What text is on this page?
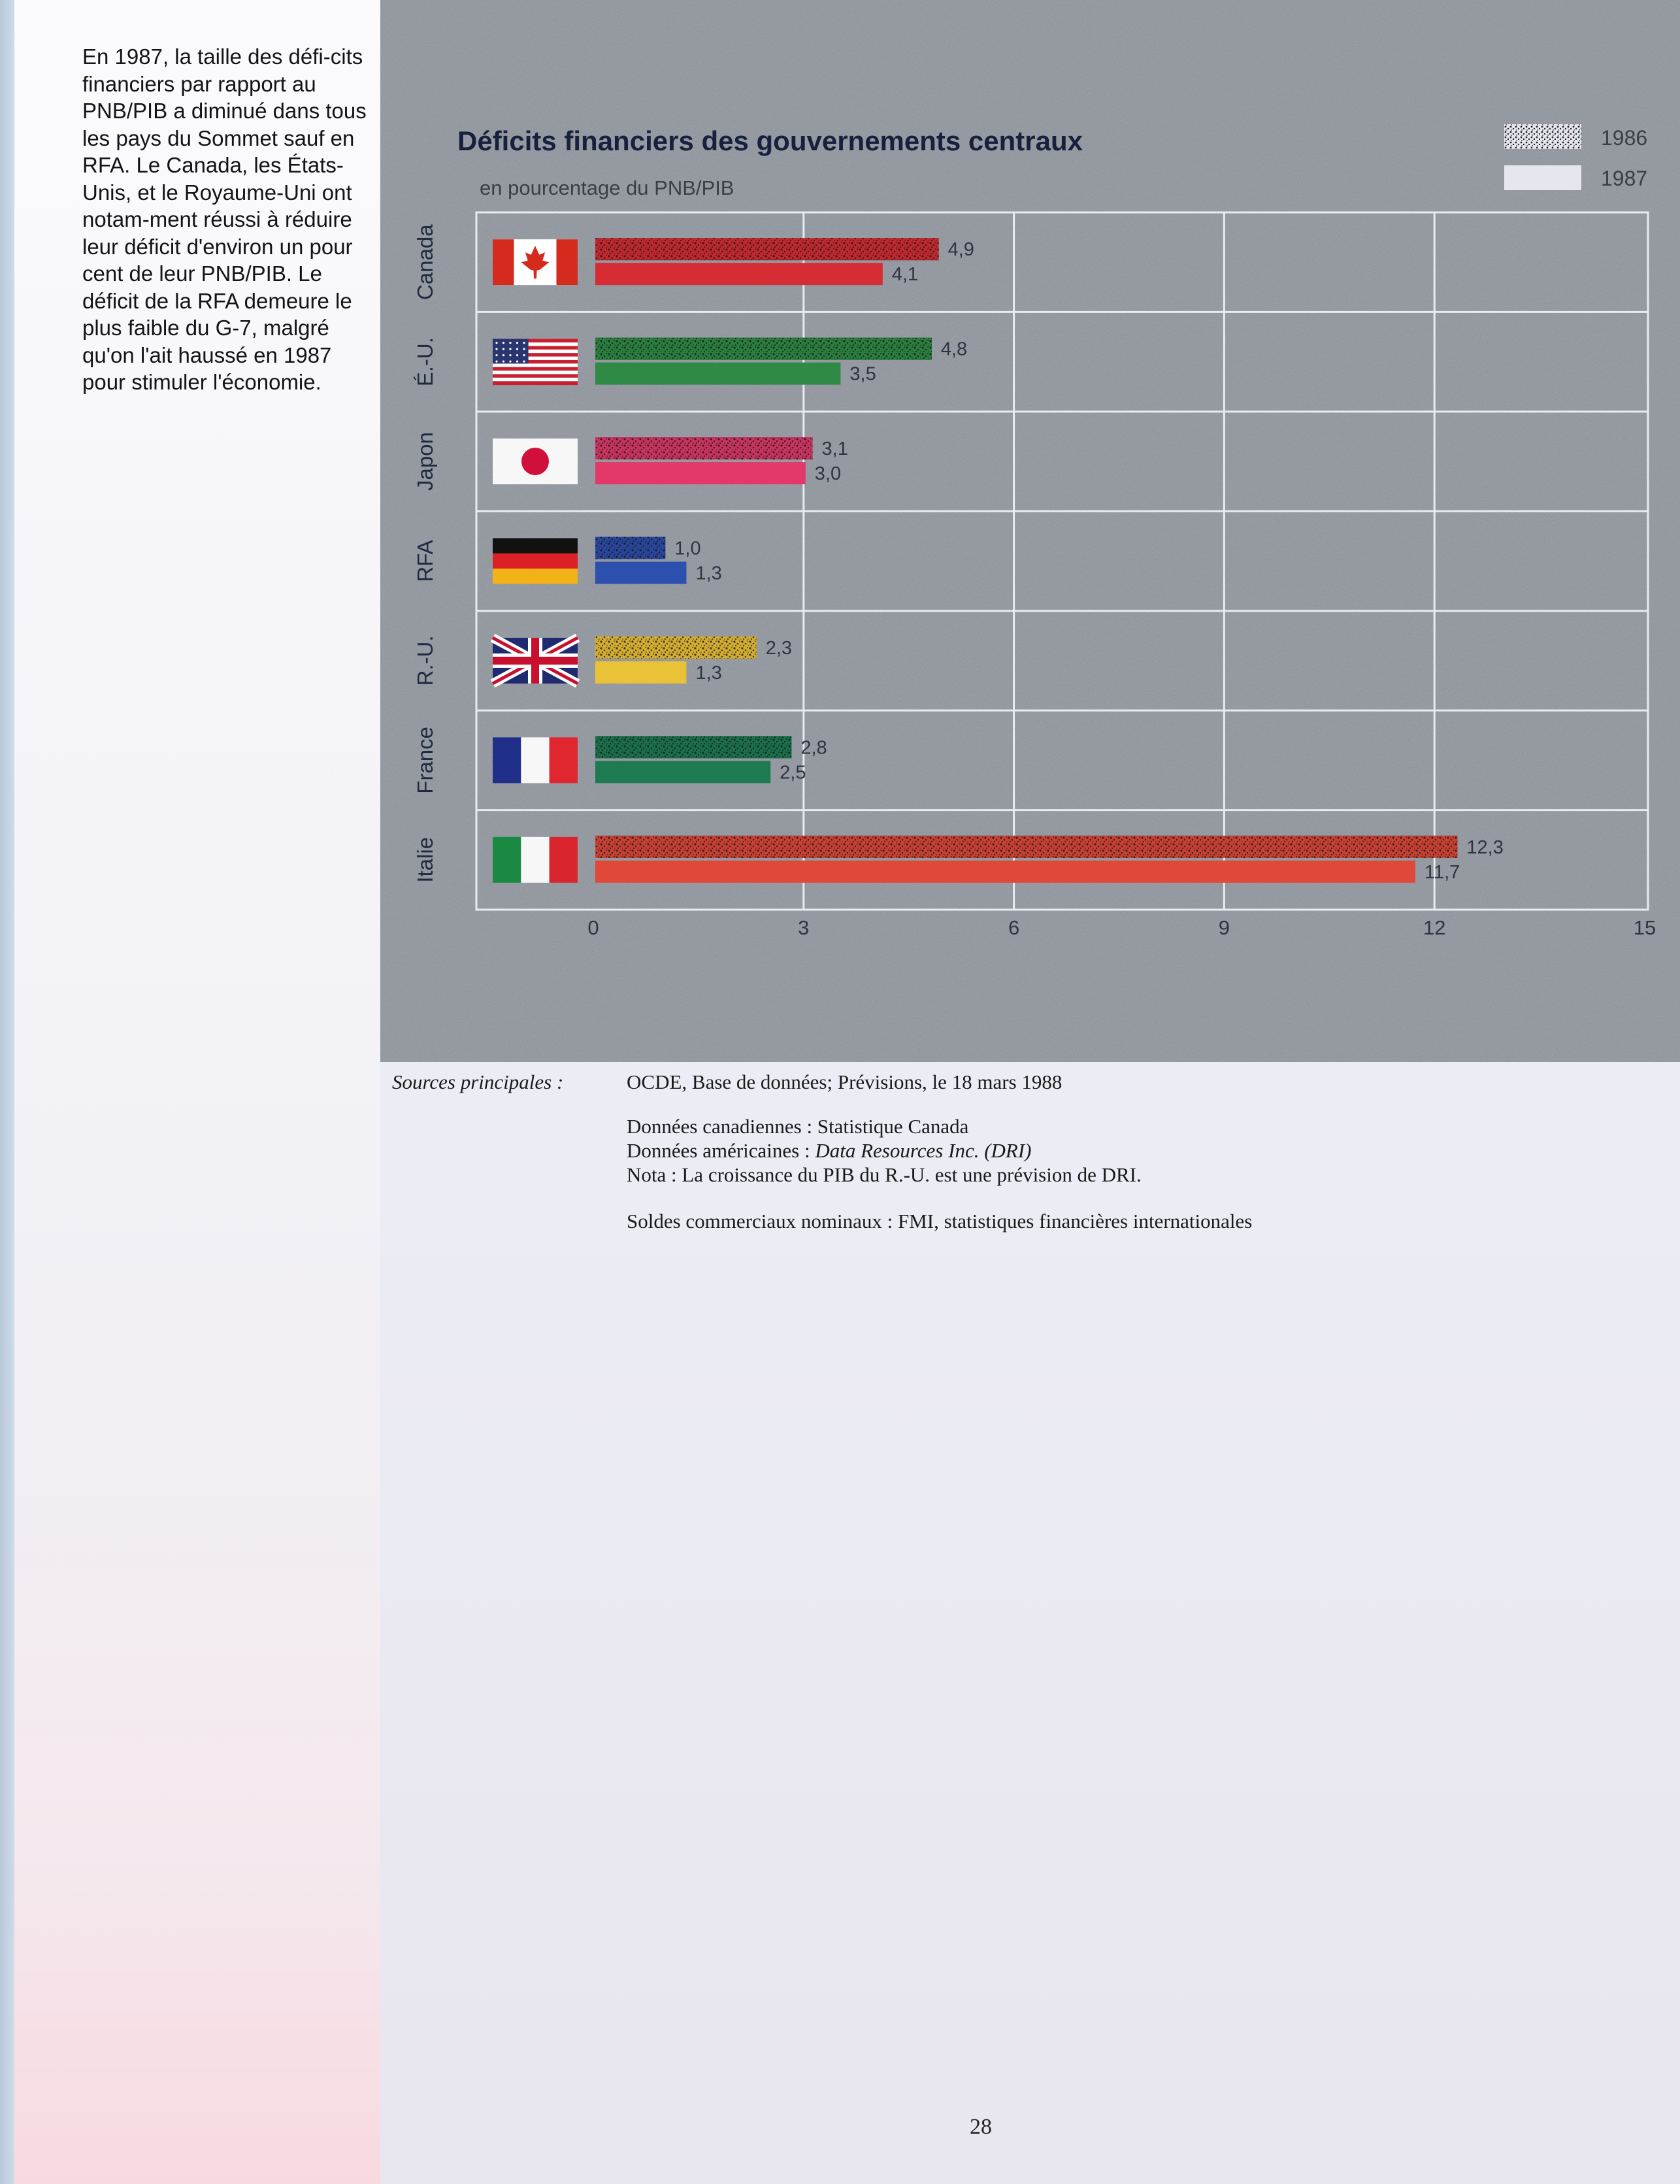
En 1987, la taille des défi-cits financiers par rapport au PNB/PIB a diminué dans tous les pays du Sommet sauf en RFA. Le Canada, les États-Unis, et le Royaume-Uni ont notam-ment réussi à réduire leur déficit d'environ un pour cent de leur PNB/PIB. Le déficit de la RFA demeure le plus faible du G-7, malgré qu'on l'ait haussé en 1987 pour stimuler l'économie.

Déficits financiers des gouvernements centraux
en pourcentage du PNB/PIB
1986
1987
4,9
4,1
4,8
3,5
3,1
3,0
1,0
1,3
2,3
1,3
2,8
2,5
12,3
11,7
Canada
É.-U.
Japon
RFA
R.-U.
France
Italie
0	3	6	9	12	15
Sources principales :	OCDE, Base de données; Prévisions, le 18 mars 1988
Données canadiennes : Statistique Canada
Données américaines : Data Resources Inc. (DRI)
Nota : La croissance du PIB du R.-U. est une prévision de DRI.
Soldes commerciaux nominaux : FMI, statistiques financières internationales
28
